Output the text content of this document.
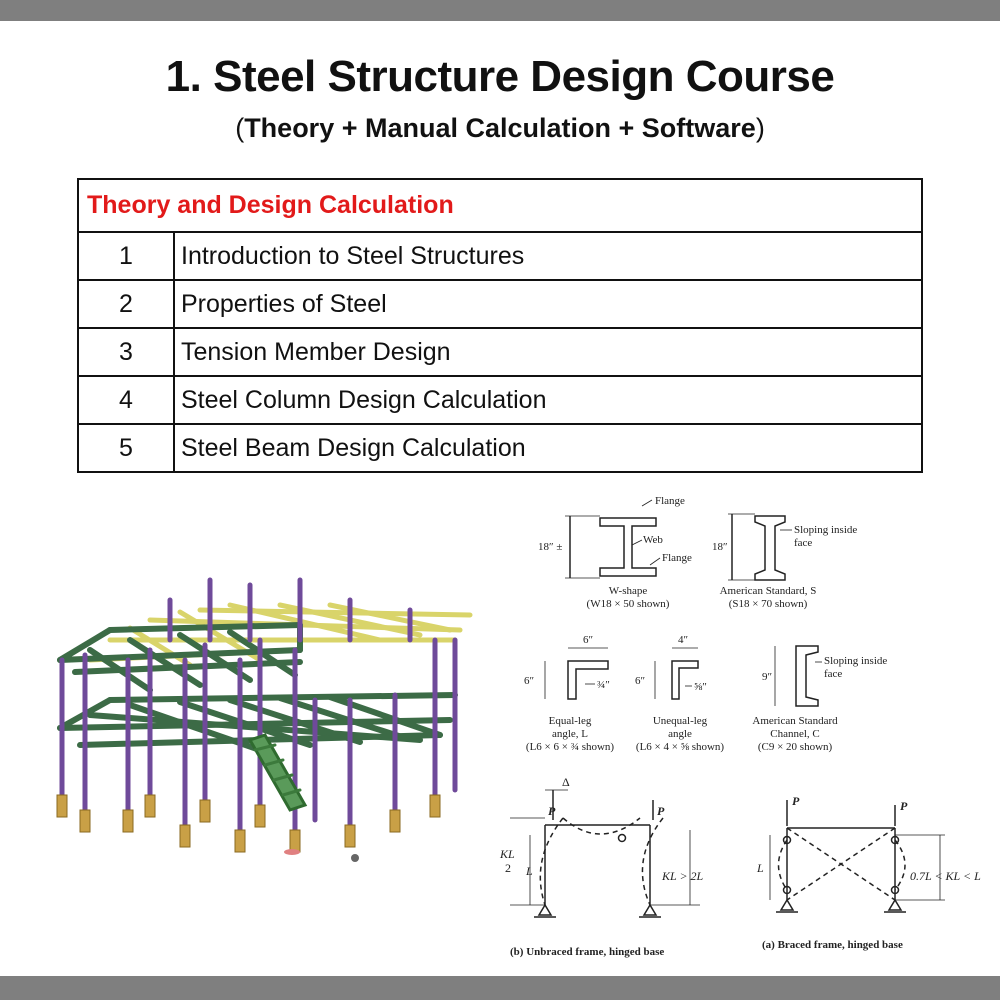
1. Steel Structure Design Course
(Theory + Manual Calculation + Software)
Theory and Design Calculation	
1	Introduction to Steel Structures
2	Properties of Steel
3	Tension Member Design
4	Steel Column Design Calculation
5	Steel Beam Design Calculation
Flange
Web
Flange
18″ ±
W-shape
(W18 × 50 shown)
18″
Sloping inside
face
American Standard, S
(S18 × 70 shown)
6″
6″	¾″
Equal-leg
angle, L
(L6 × 6 × ¾ shown)
4″
6″	⅝″
Unequal-leg
angle
(L6 × 4 × ⅝ shown)
9″
Sloping inside
face
American Standard
Channel, C
(C9 × 20 shown)
Δ
P	P
KL
2 L	KL > 2L
(b) Unbraced frame, hinged base
P	P
L
0.7L < KL < L
(a) Braced frame, hinged base
